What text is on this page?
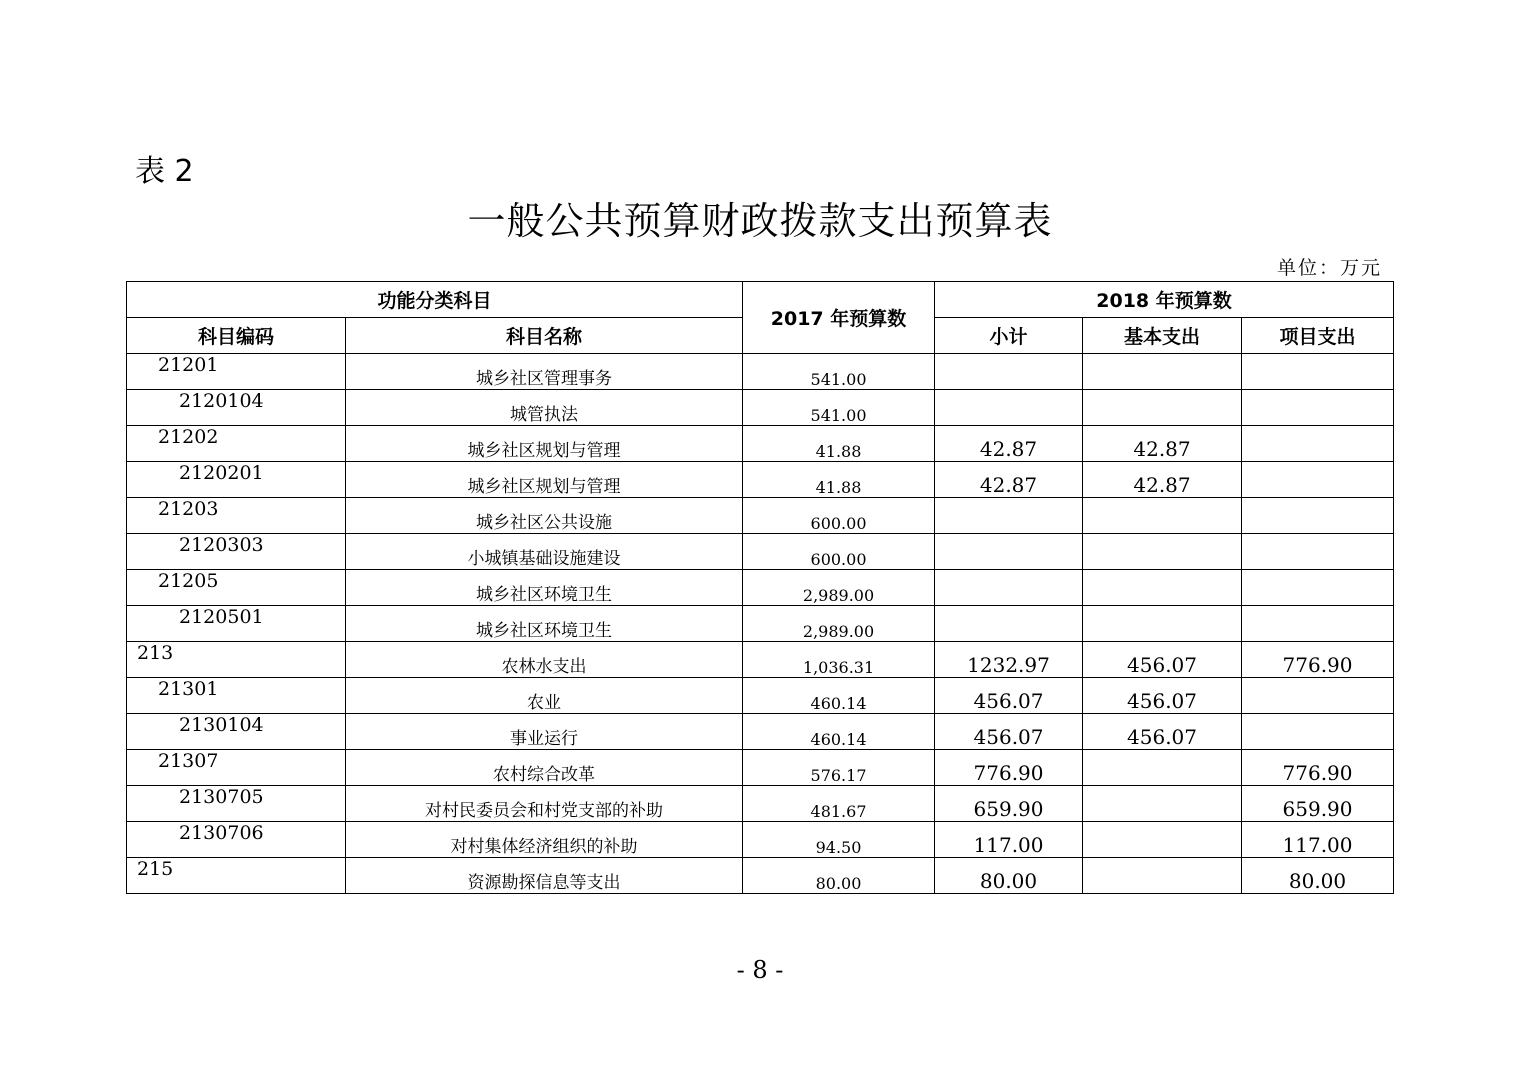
表 2
一般公共预算财政拨款支出预算表
单位：万元
功能分类科目		2017 年预算数	2018 年预算数		
科目编码	科目名称		小计	基本支出	项目支出
21201	城乡社区管理事务	541.00			
2120104	城管执法	541.00			
21202	城乡社区规划与管理	41.88	42.87	42.87	
2120201	城乡社区规划与管理	41.88	42.87	42.87	
21203	城乡社区公共设施	600.00			
2120303	小城镇基础设施建设	600.00			
21205	城乡社区环境卫生	2,989.00			
2120501	城乡社区环境卫生	2,989.00			
213	农林水支出	1,036.31	1232.97	456.07	776.90
21301	农业	460.14	456.07	456.07	
2130104	事业运行	460.14	456.07	456.07	
21307	农村综合改革	576.17	776.90		776.90
2130705	对村民委员会和村党支部的补助	481.67	659.90		659.90
2130706	对村集体经济组织的补助	94.50	117.00		117.00
215	资源勘探信息等支出	80.00	80.00		80.00
- 8 -
